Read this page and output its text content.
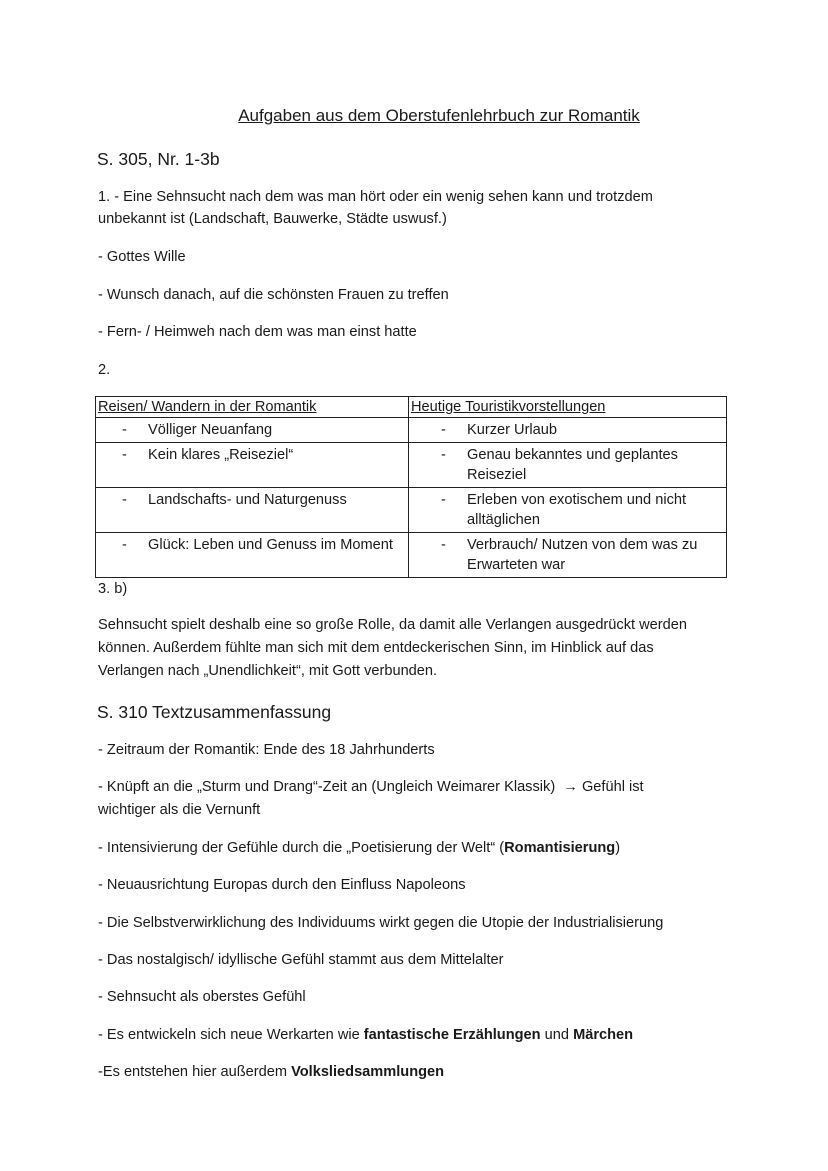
Aufgaben aus dem Oberstufenlehrbuch zur Romantik
S. 305, Nr. 1-3b
1. - Eine Sehnsucht nach dem was man hört oder ein wenig sehen kann und trotzdem
unbekannt ist (Landschaft, Bauwerke, Städte uswusf.)
- Gottes Wille
- Wunsch danach, auf die schönsten Frauen zu treffen
- Fern- / Heimweh nach dem was man einst hatte
2.
Reisen/ Wandern in der Romantik	Heutige Touristikvorstellungen

- Völliger Neuanfang	- Kurzer Urlaub

- Kein klares „Reiseziel“	- Genau bekanntes und geplantes Reiseziel

- Landschafts- und Naturgenuss	- Erleben von exotischem und nicht alltäglichen

- Glück: Leben und Genuss im Moment	- Verbrauch/ Nutzen von dem was zu Erwarteten war
3. b)
Sehnsucht spielt deshalb eine so große Rolle, da damit alle Verlangen ausgedrückt werden
können. Außerdem fühlte man sich mit dem entdeckerischen Sinn, im Hinblick auf das
Verlangen nach „Unendlichkeit“, mit Gott verbunden.
S. 310 Textzusammenfassung
- Zeitraum der Romantik: Ende des 18 Jahrhunderts
- Knüpft an die „Sturm und Drang“-Zeit an (Ungleich Weimarer Klassik) → Gefühl ist
wichtiger als die Vernunft
- Intensivierung der Gefühle durch die „Poetisierung der Welt“ (Romantisierung)
- Neuausrichtung Europas durch den Einfluss Napoleons
- Die Selbstverwirklichung des Individuums wirkt gegen die Utopie der Industrialisierung
- Das nostalgisch/ idyllische Gefühl stammt aus dem Mittelalter
- Sehnsucht als oberstes Gefühl
- Es entwickeln sich neue Werkarten wie fantastische Erzählungen und Märchen
-Es entstehen hier außerdem Volksliedsammlungen
